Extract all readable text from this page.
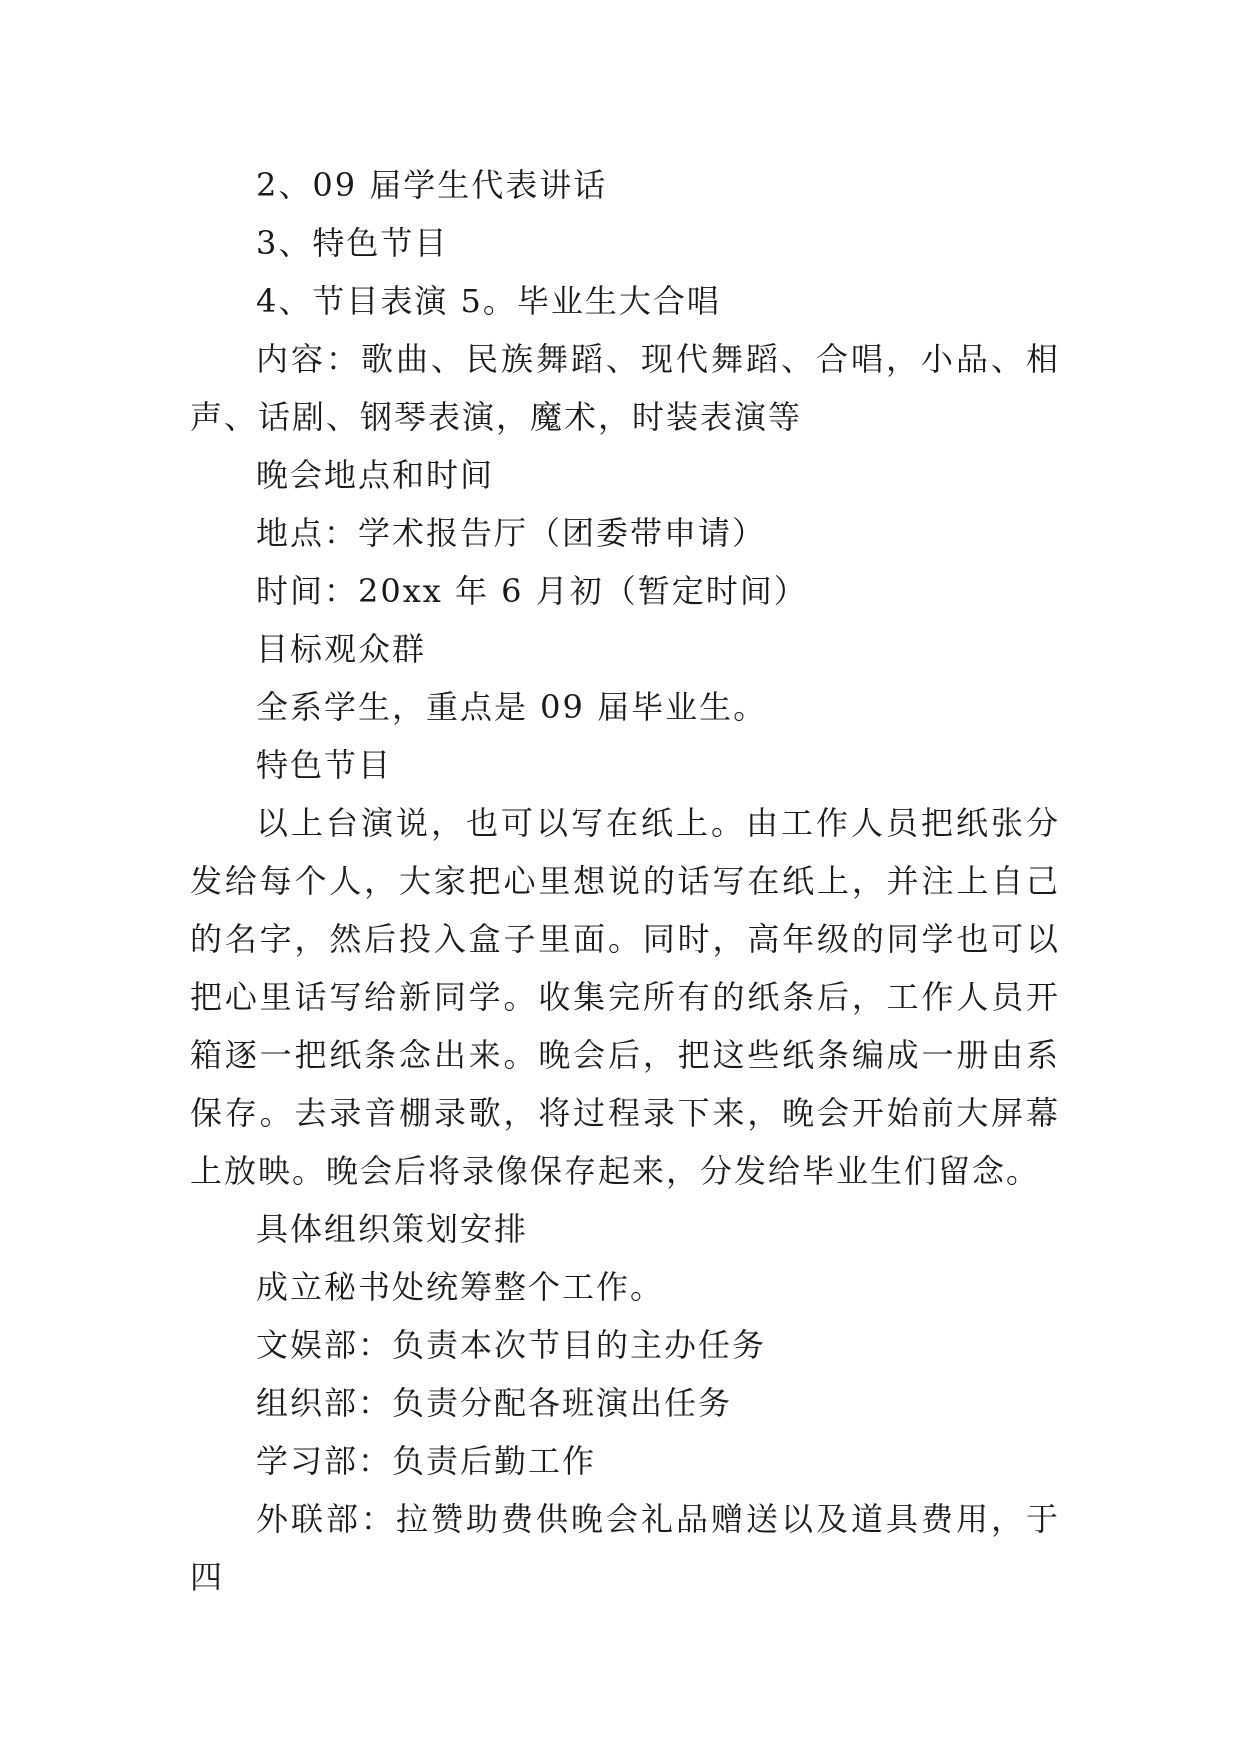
2、09 届学生代表讲话

3、特色节目

4、节目表演 5。毕业生大合唱

内容：歌曲、民族舞蹈、现代舞蹈、合唱，小品、相声、话剧、钢琴表演，魔术，时装表演等

晚会地点和时间

地点：学术报告厅（团委带申请）

时间：20xx 年 6 月初（暂定时间）

目标观众群

全系学生，重点是 09 届毕业生。

特色节目

以上台演说，也可以写在纸上。由工作人员把纸张分发给每个人，大家把心里想说的话写在纸上，并注上自己的名字，然后投入盒子里面。同时，高年级的同学也可以把心里话写给新同学。收集完所有的纸条后，工作人员开箱逐一把纸条念出来。晚会后，把这些纸条编成一册由系保存。去录音棚录歌，将过程录下来，晚会开始前大屏幕上放映。晚会后将录像保存起来，分发给毕业生们留念。

具体组织策划安排

成立秘书处统筹整个工作。

文娱部：负责本次节目的主办任务

组织部：负责分配各班演出任务

学习部：负责后勤工作

外联部：拉赞助费供晚会礼品赠送以及道具费用，于四
